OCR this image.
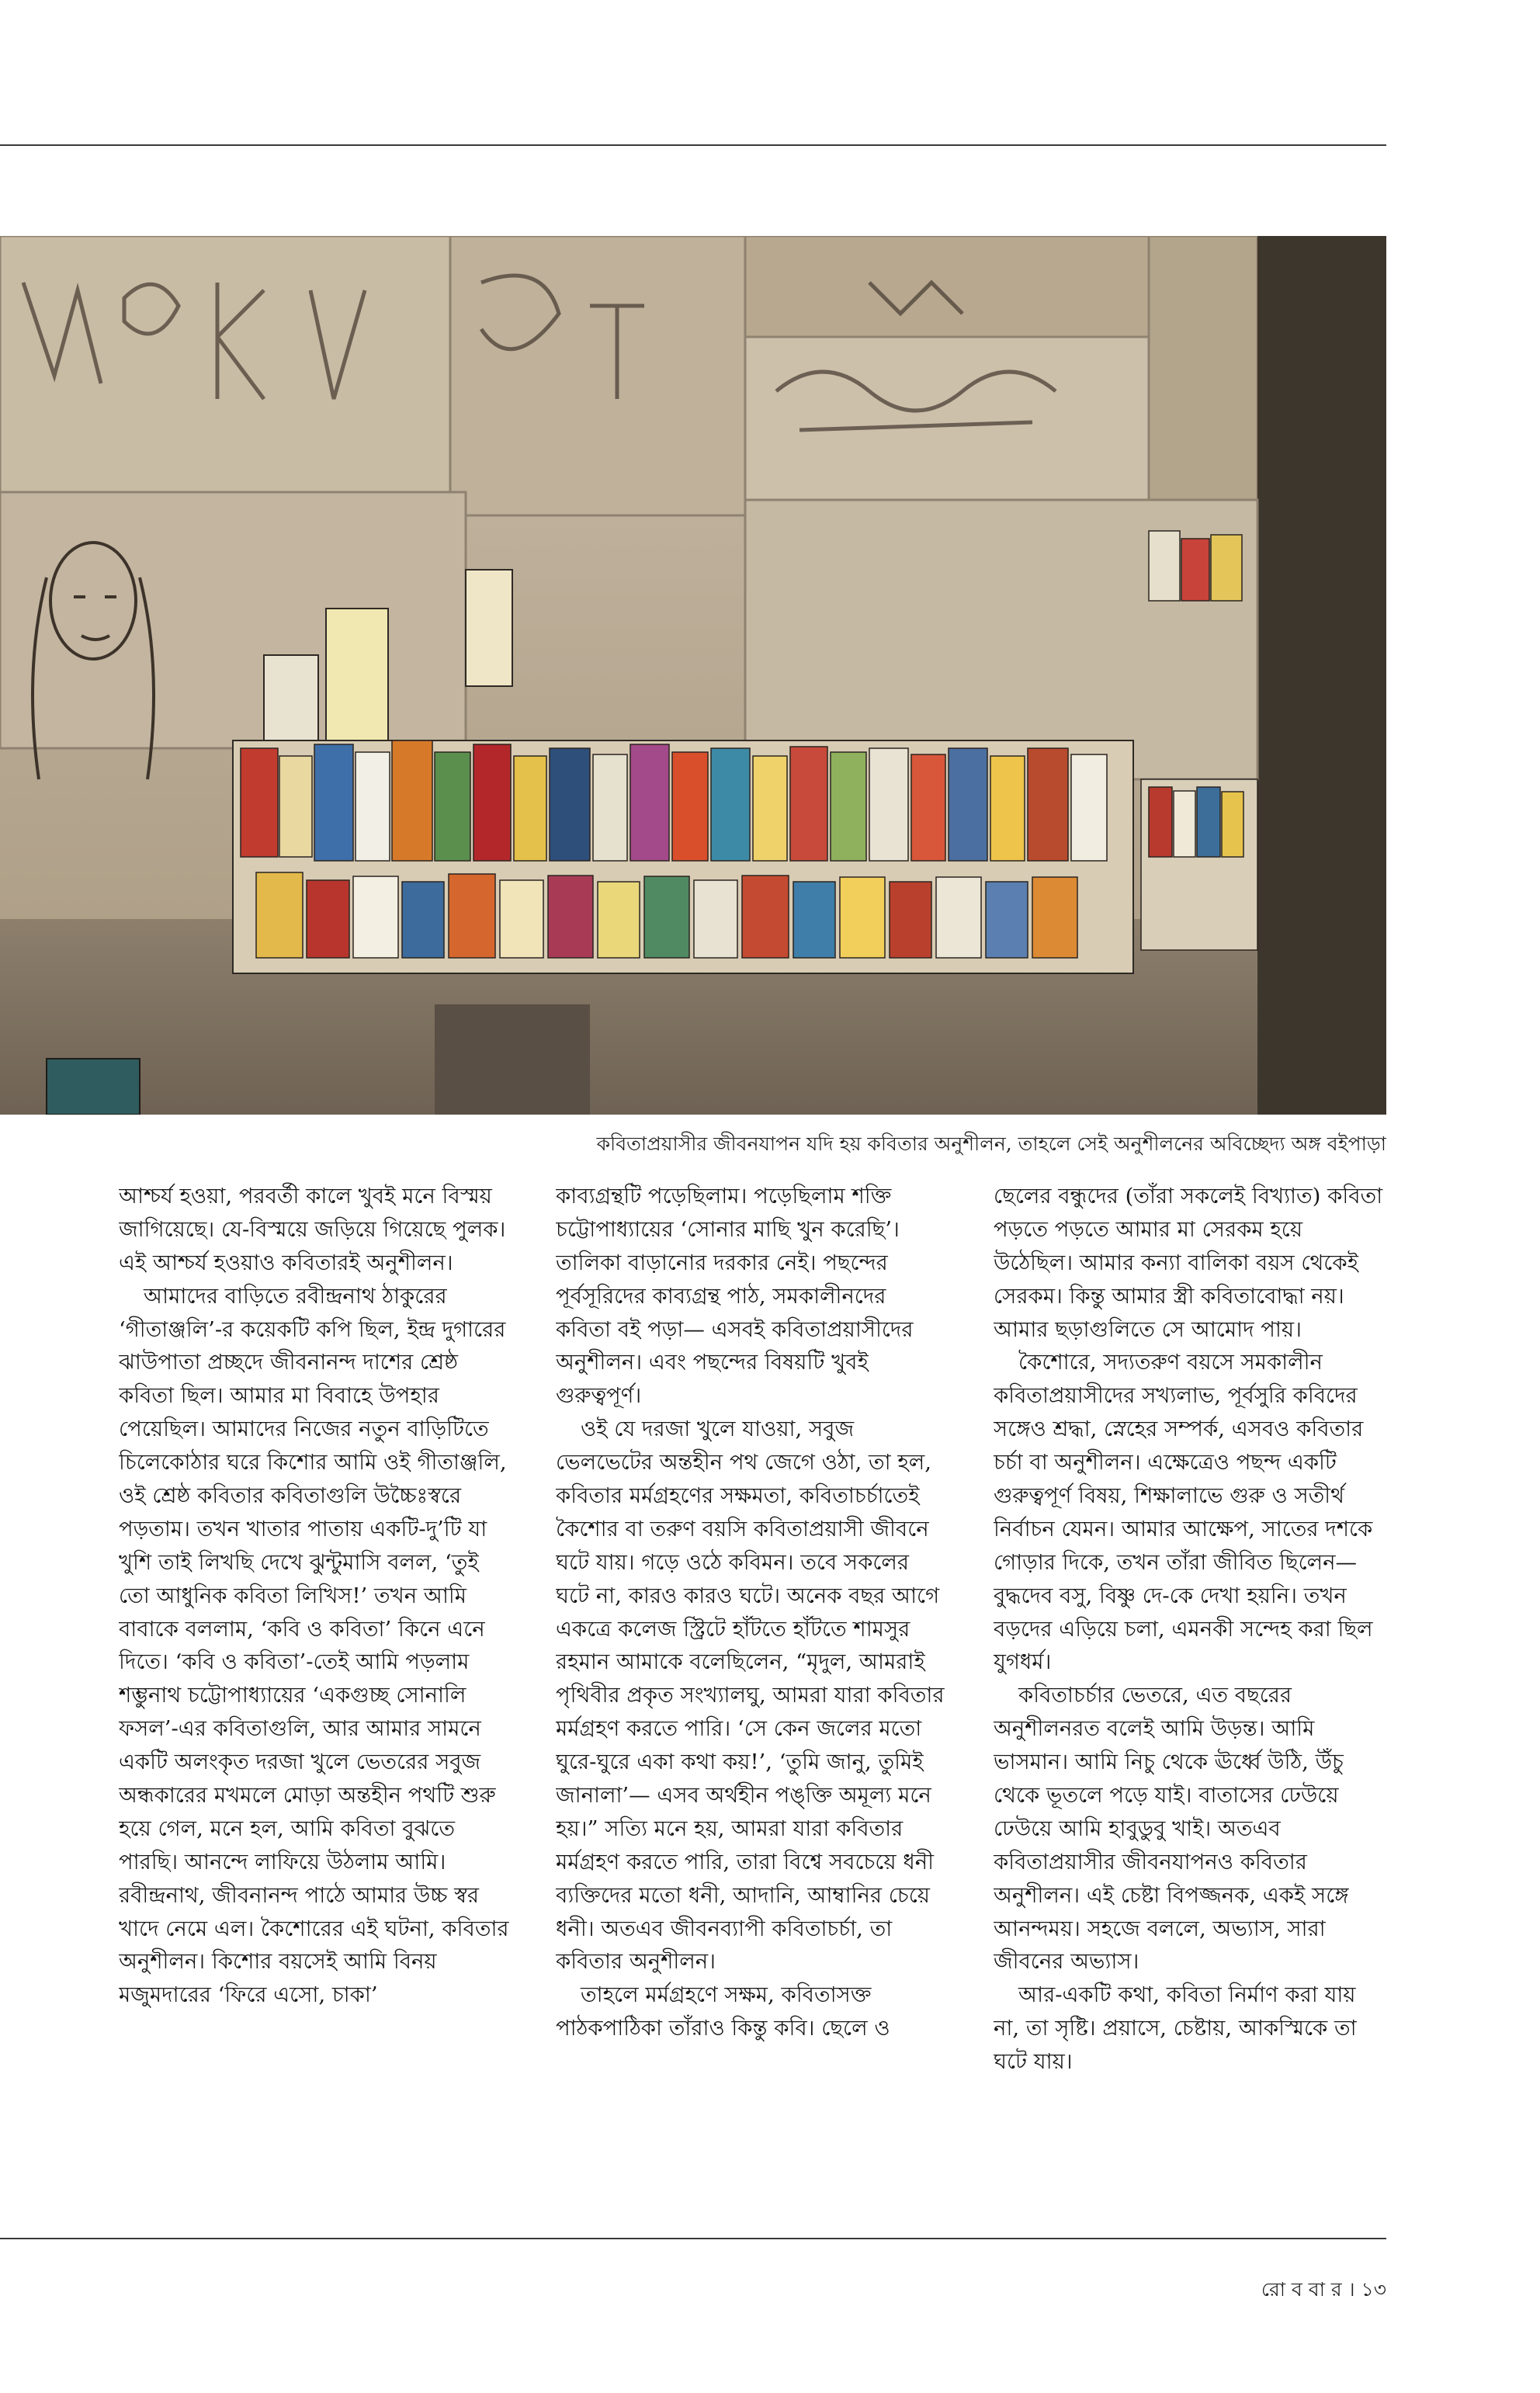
কবিতাপ্রয়াসীর জীবনযাপন যদি হয় কবিতার অনুশীলন, তাহলে সেই অনুশীলনের অবিচ্ছেদ্য অঙ্গ বইপাড়া

আশ্চর্য হওয়া, পরবর্তী কালে খুবই মনে বিস্ময় জাগিয়েছে। যে-বিস্ময়ে জড়িয়ে গিয়েছে পুলক। এই আশ্চর্য হওয়াও কবিতারই অনুশীলন।

আমাদের বাড়িতে রবীন্দ্রনাথ ঠাকুরের ‘গীতাঞ্জলি’-র কয়েকটি কপি ছিল, ইন্দ্র দুগারের ঝাউপাতা প্রচ্ছদে জীবনানন্দ দাশের শ্রেষ্ঠ কবিতা ছিল। আমার মা বিবাহে উপহার পেয়েছিল। আমাদের নিজের নতুন বাড়িটিতে চিলেকোঠার ঘরে কিশোর আমি ওই গীতাঞ্জলি, ওই শ্রেষ্ঠ কবিতার কবিতাগুলি উচ্চৈঃস্বরে পড়তাম। তখন খাতার পাতায় একটি-দু’টি যা খুশি তাই লিখছি দেখে ঝুন্টুমাসি বলল, ‘তুই তো আধুনিক কবিতা লিখিস!’ তখন আমি বাবাকে বললাম, ‘কবি ও কবিতা’ কিনে এনে দিতে। ‘কবি ও কবিতা’-তেই আমি পড়লাম শম্ভুনাথ চট্টোপাধ্যায়ের ‘একগুচ্ছ সোনালি ফসল’-এর কবিতাগুলি, আর আমার সামনে একটি অলংকৃত দরজা খুলে ভেতরের সবুজ অন্ধকারের মখমলে মোড়া অন্তহীন পথটি শুরু হয়ে গেল, মনে হল, আমি কবিতা বুঝতে পারছি। আনন্দে লাফিয়ে উঠলাম আমি। রবীন্দ্রনাথ, জীবনানন্দ পাঠে আমার উচ্চ স্বর খাদে নেমে এল। কৈশোরের এই ঘটনা, কবিতার অনুশীলন। কিশোর বয়সেই আমি বিনয় মজুমদারের ‘ফিরে এসো, চাকা’

কাব্যগ্রন্থটি পড়েছিলাম। পড়েছিলাম শক্তি চট্টোপাধ্যায়ের ‘সোনার মাছি খুন করেছি’। তালিকা বাড়ানোর দরকার নেই। পছন্দের পূর্বসূরিদের কাব্যগ্রন্থ পাঠ, সমকালীনদের কবিতা বই পড়া— এসবই কবিতাপ্রয়াসীদের অনুশীলন। এবং পছন্দের বিষয়টি খুবই গুরুত্বপূর্ণ।

ওই যে দরজা খুলে যাওয়া, সবুজ ভেলভেটের অন্তহীন পথ জেগে ওঠা, তা হল, কবিতার মর্মগ্রহণের সক্ষমতা, কবিতাচর্চাতেই কৈশোর বা তরুণ বয়সি কবিতাপ্রয়াসী জীবনে ঘটে যায়। গড়ে ওঠে কবিমন। তবে সকলের ঘটে না, কারও কারও ঘটে। অনেক বছর আগে একত্রে কলেজ স্ট্রিটে হাঁটতে হাঁটতে শামসুর রহমান আমাকে বলেছিলেন, “মৃদুল, আমরাই পৃথিবীর প্রকৃত সংখ্যালঘু, আমরা যারা কবিতার মর্মগ্রহণ করতে পারি। ‘সে কেন জলের মতো ঘুরে-ঘুরে একা কথা কয়!’, ‘তুমি জানু, তুমিই জানালা’— এসব অর্থহীন পঙ্‌ক্তি অমূল্য মনে হয়।” সত্যি মনে হয়, আমরা যারা কবিতার মর্মগ্রহণ করতে পারি, তারা বিশ্বে সবচেয়ে ধনী ব্যক্তিদের মতো ধনী, আদানি, আম্বানির চেয়ে ধনী। অতএব জীবনব্যাপী কবিতাচর্চা, তা কবিতার অনুশীলন।

তাহলে মর্মগ্রহণে সক্ষম, কবিতাসক্ত পাঠকপাঠিকা তাঁরাও কিন্তু কবি। ছেলে ও

ছেলের বন্ধুদের (তাঁরা সকলেই বিখ্যাত) কবিতা পড়তে পড়তে আমার মা সেরকম হয়ে উঠেছিল। আমার কন্যা বালিকা বয়স থেকেই সেরকম। কিন্তু আমার স্ত্রী কবিতাবোদ্ধা নয়। আমার ছড়াগুলিতে সে আমোদ পায়।

কৈশোরে, সদ্যতরুণ বয়সে সমকালীন কবিতাপ্রয়াসীদের সখ্যলাভ, পূর্বসুরি কবিদের সঙ্গেও শ্রদ্ধা, স্নেহের সম্পর্ক, এসবও কবিতার চর্চা বা অনুশীলন। এক্ষেত্রেও পছন্দ একটি গুরুত্বপূর্ণ বিষয়, শিক্ষালাভে গুরু ও সতীর্থ নির্বাচন যেমন। আমার আক্ষেপ, সাতের দশকে গোড়ার দিকে, তখন তাঁরা জীবিত ছিলেন— বুদ্ধদেব বসু, বিষ্ণু দে-কে দেখা হয়নি। তখন বড়দের এড়িয়ে চলা, এমনকী সন্দেহ করা ছিল যুগধর্ম।

কবিতাচর্চার ভেতরে, এত বছরের অনুশীলনরত বলেই আমি উড়ন্ত। আমি ভাসমান। আমি নিচু থেকে ঊর্ধ্বে উঠি, উঁচু থেকে ভূতলে পড়ে যাই। বাতাসের ঢেউয়ে ঢেউয়ে আমি হাবুডুবু খাই। অতএব কবিতাপ্রয়াসীর জীবনযাপনও কবিতার অনুশীলন। এই চেষ্টা বিপজ্জনক, একই সঙ্গে আনন্দময়। সহজে বললে, অভ্যাস, সারা জীবনের অভ্যাস।

আর-একটি কথা, কবিতা নির্মাণ করা যায় না, তা সৃষ্টি। প্রয়াসে, চেষ্টায়, আকস্মিকে তা ঘটে যায়।

রো ব বা র । ১৩
